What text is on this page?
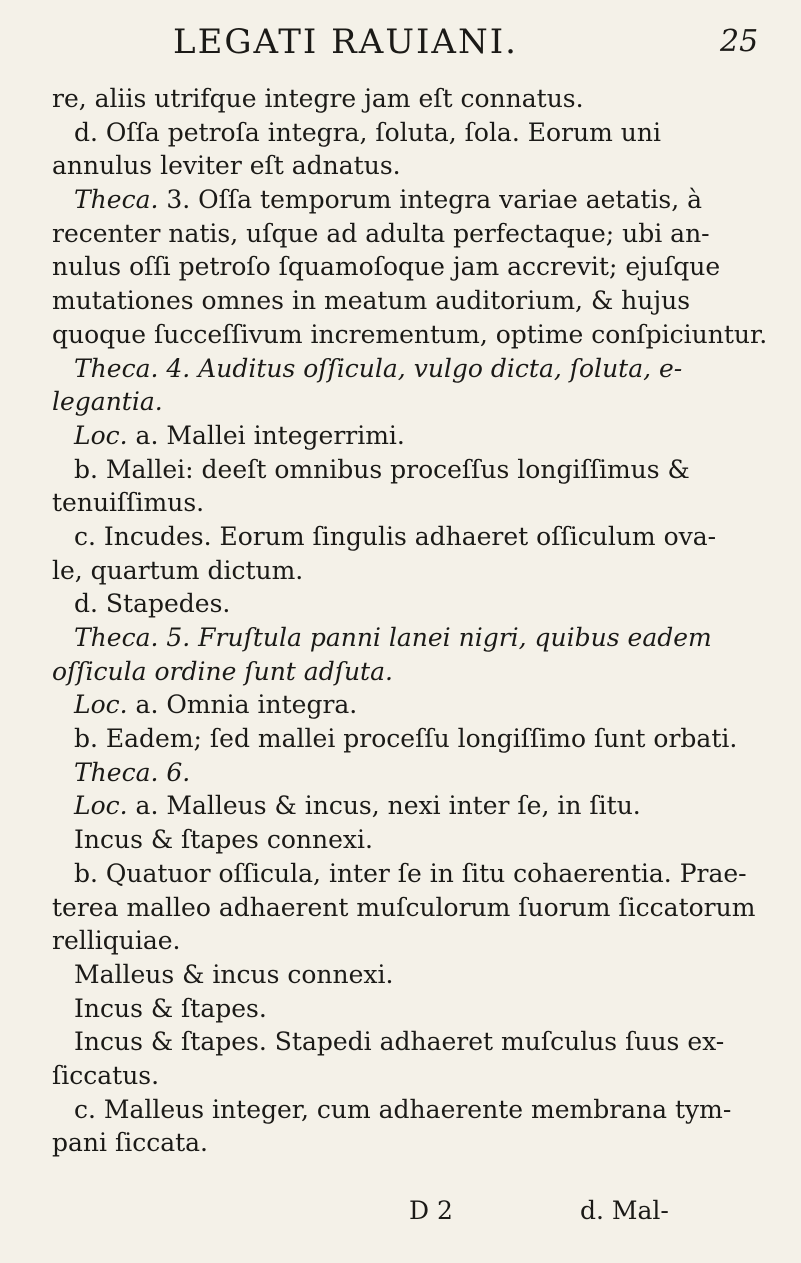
LEGATI RAUIANI.	25
re, aliis utrifque integre jam eſt connatus.
d. Oſſa petroſa integra, ſoluta, ſola. Eorum uni
annulus leviter eſt adnatus.
Theca. 3. Oſſa temporum integra variae aetatis, à
recenter natis, uſque ad adulta perfectaque; ubi an-
nulus oſſi petroſo ſquamoſoque jam accrevit; ejuſque
mutationes omnes in meatum auditorium, & hujus
quoque ſucceſſivum incrementum, optime conſpiciuntur.
Theca. 4. Auditus oſſicula, vulgo dicta, ſoluta, e-
legantia.
Loc. a. Mallei integerrimi.
b. Mallei: deeſt omnibus proceſſus longiſſimus &
tenuiſſimus.
c. Incudes. Eorum ſingulis adhaeret oſſiculum ova-
le, quartum dictum.
d. Stapedes.
Theca. 5. Fruſtula panni lanei nigri, quibus eadem
oſſicula ordine ſunt adſuta.
Loc. a. Omnia integra.
b. Eadem; ſed mallei proceſſu longiſſimo ſunt orbati.
Theca. 6.
Loc. a. Malleus & incus, nexi inter ſe, in ſitu.
Incus & ſtapes connexi.
b. Quatuor oſſicula, inter ſe in ſitu cohaerentia. Prae-
terea malleo adhaerent muſculorum ſuorum ſiccatorum
relliquiae.
Malleus & incus connexi.
Incus & ſtapes.
Incus & ſtapes. Stapedi adhaeret muſculus ſuus ex-
ſiccatus.
c. Malleus integer, cum adhaerente membrana tym-
pani ſiccata.
D 2	d. Mal-
